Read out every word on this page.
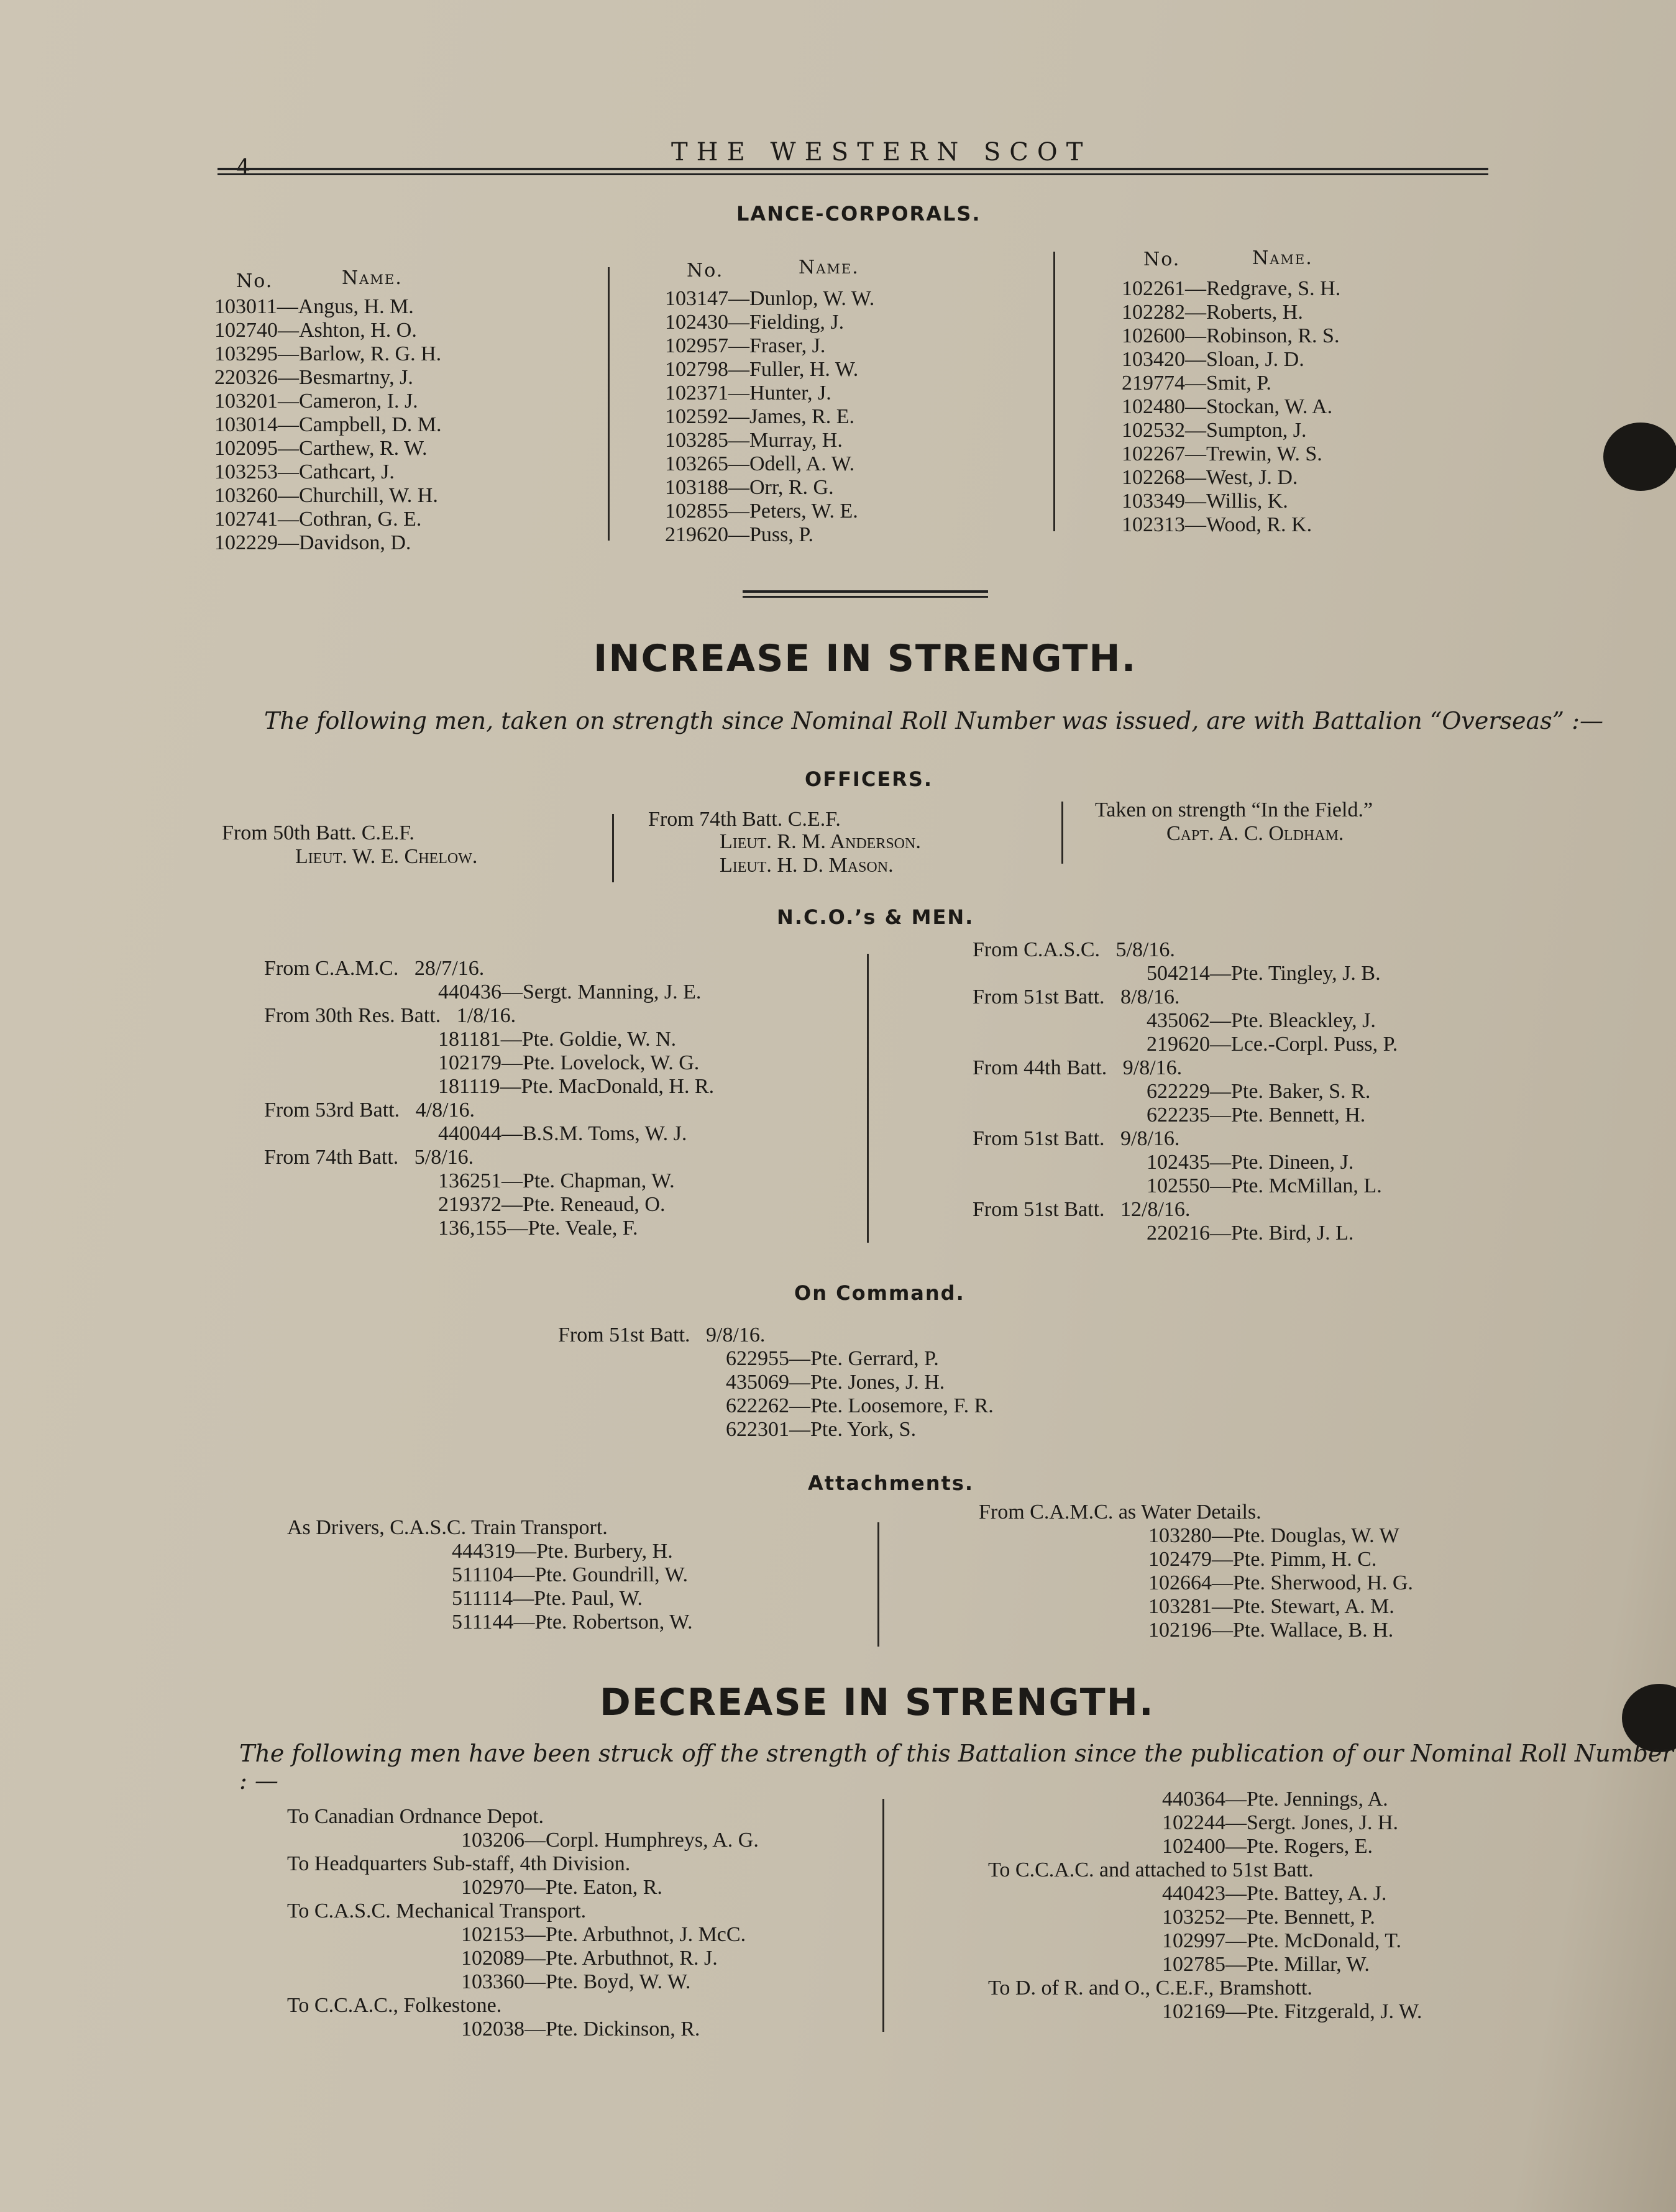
4
THE WESTERN SCOT
LANCE-CORPORALS.
No.	Name.	No.	Name.	No.	Name.
103011—Angus, H. M.
102740—Ashton, H. O.
103295—Barlow, R. G. H.
220326—Besmartny, J.
103201—Cameron, I. J.
103014—Campbell, D. M.
102095—Carthew, R. W.
103253—Cathcart, J.
103260—Churchill, W. H.
102741—Cothran, G. E.
102229—Davidson, D.
103147—Dunlop, W. W.
102430—Fielding, J.
102957—Fraser, J.
102798—Fuller, H. W.
102371—Hunter, J.
102592—James, R. E.
103285—Murray, H.
103265—Odell, A. W.
103188—Orr, R. G.
102855—Peters, W. E.
219620—Puss, P.
102261—Redgrave, S. H.
102282—Roberts, H.
102600—Robinson, R. S.
103420—Sloan, J. D.
219774—Smit, P.
102480—Stockan, W. A.
102532—Sumpton, J.
102267—Trewin, W. S.
102268—West, J. D.
103349—Willis, K.
102313—Wood, R. K.
INCREASE IN STRENGTH.
The following men, taken on strength since Nominal Roll Number was issued, are with Battalion “Overseas” :—
OFFICERS.
From 50th Batt. C.E.F.
Lieut. W. E. Chelow.
From 74th Batt. C.E.F.
Lieut. R. M. Anderson.
Lieut. H. D. Mason.
Taken on strength “In the Field.”
Capt. A. C. Oldham.
N.C.O.’s & MEN.
From C.A.M.C.   28/7/16.
440436—Sergt. Manning, J. E.
From 30th Res. Batt.   1/8/16.
181181—Pte. Goldie, W. N.
102179—Pte. Lovelock, W. G.
181119—Pte. MacDonald, H. R.
From 53rd Batt.   4/8/16.
440044—B.S.M. Toms, W. J.
From 74th Batt.   5/8/16.
136251—Pte. Chapman, W.
219372—Pte. Reneaud, O.
136,155—Pte. Veale, F.
From C.A.S.C.   5/8/16.
504214—Pte. Tingley, J. B.
From 51st Batt.   8/8/16.
435062—Pte. Bleackley, J.
219620—Lce.-Corpl. Puss, P.
From 44th Batt.   9/8/16.
622229—Pte. Baker, S. R.
622235—Pte. Bennett, H.
From 51st Batt.   9/8/16.
102435—Pte. Dineen, J.
102550—Pte. McMillan, L.
From 51st Batt.   12/8/16.
220216—Pte. Bird, J. L.
On Command.
From 51st Batt.   9/8/16.
622955—Pte. Gerrard, P.
435069—Pte. Jones, J. H.
622262—Pte. Loosemore, F. R.
622301—Pte. York, S.
Attachments.
As Drivers, C.A.S.C. Train Transport.
444319—Pte. Burbery, H.
511104—Pte. Goundrill, W.
511114—Pte. Paul, W.
511144—Pte. Robertson, W.
From C.A.M.C. as Water Details.
103280—Pte. Douglas, W. W
102479—Pte. Pimm, H. C.
102664—Pte. Sherwood, H. G.
103281—Pte. Stewart, A. M.
102196—Pte. Wallace, B. H.
DECREASE IN STRENGTH.
The following men have been struck off the strength of this Battalion since the publication of our Nominal Roll Number : —
To Canadian Ordnance Depot.
103206—Corpl. Humphreys, A. G.
To Headquarters Sub-staff, 4th Division.
102970—Pte. Eaton, R.
To C.A.S.C. Mechanical Transport.
102153—Pte. Arbuthnot, J. McC.
102089—Pte. Arbuthnot, R. J.
103360—Pte. Boyd, W. W.
To C.C.A.C., Folkestone.
102038—Pte. Dickinson, R.
440364—Pte. Jennings, A.
102244—Sergt. Jones, J. H.
102400—Pte. Rogers, E.
To C.C.A.C. and attached to 51st Batt.
440423—Pte. Battey, A. J.
103252—Pte. Bennett, P.
102997—Pte. McDonald, T.
102785—Pte. Millar, W.
To D. of R. and O., C.E.F., Bramshott.
102169—Pte. Fitzgerald, J. W.
